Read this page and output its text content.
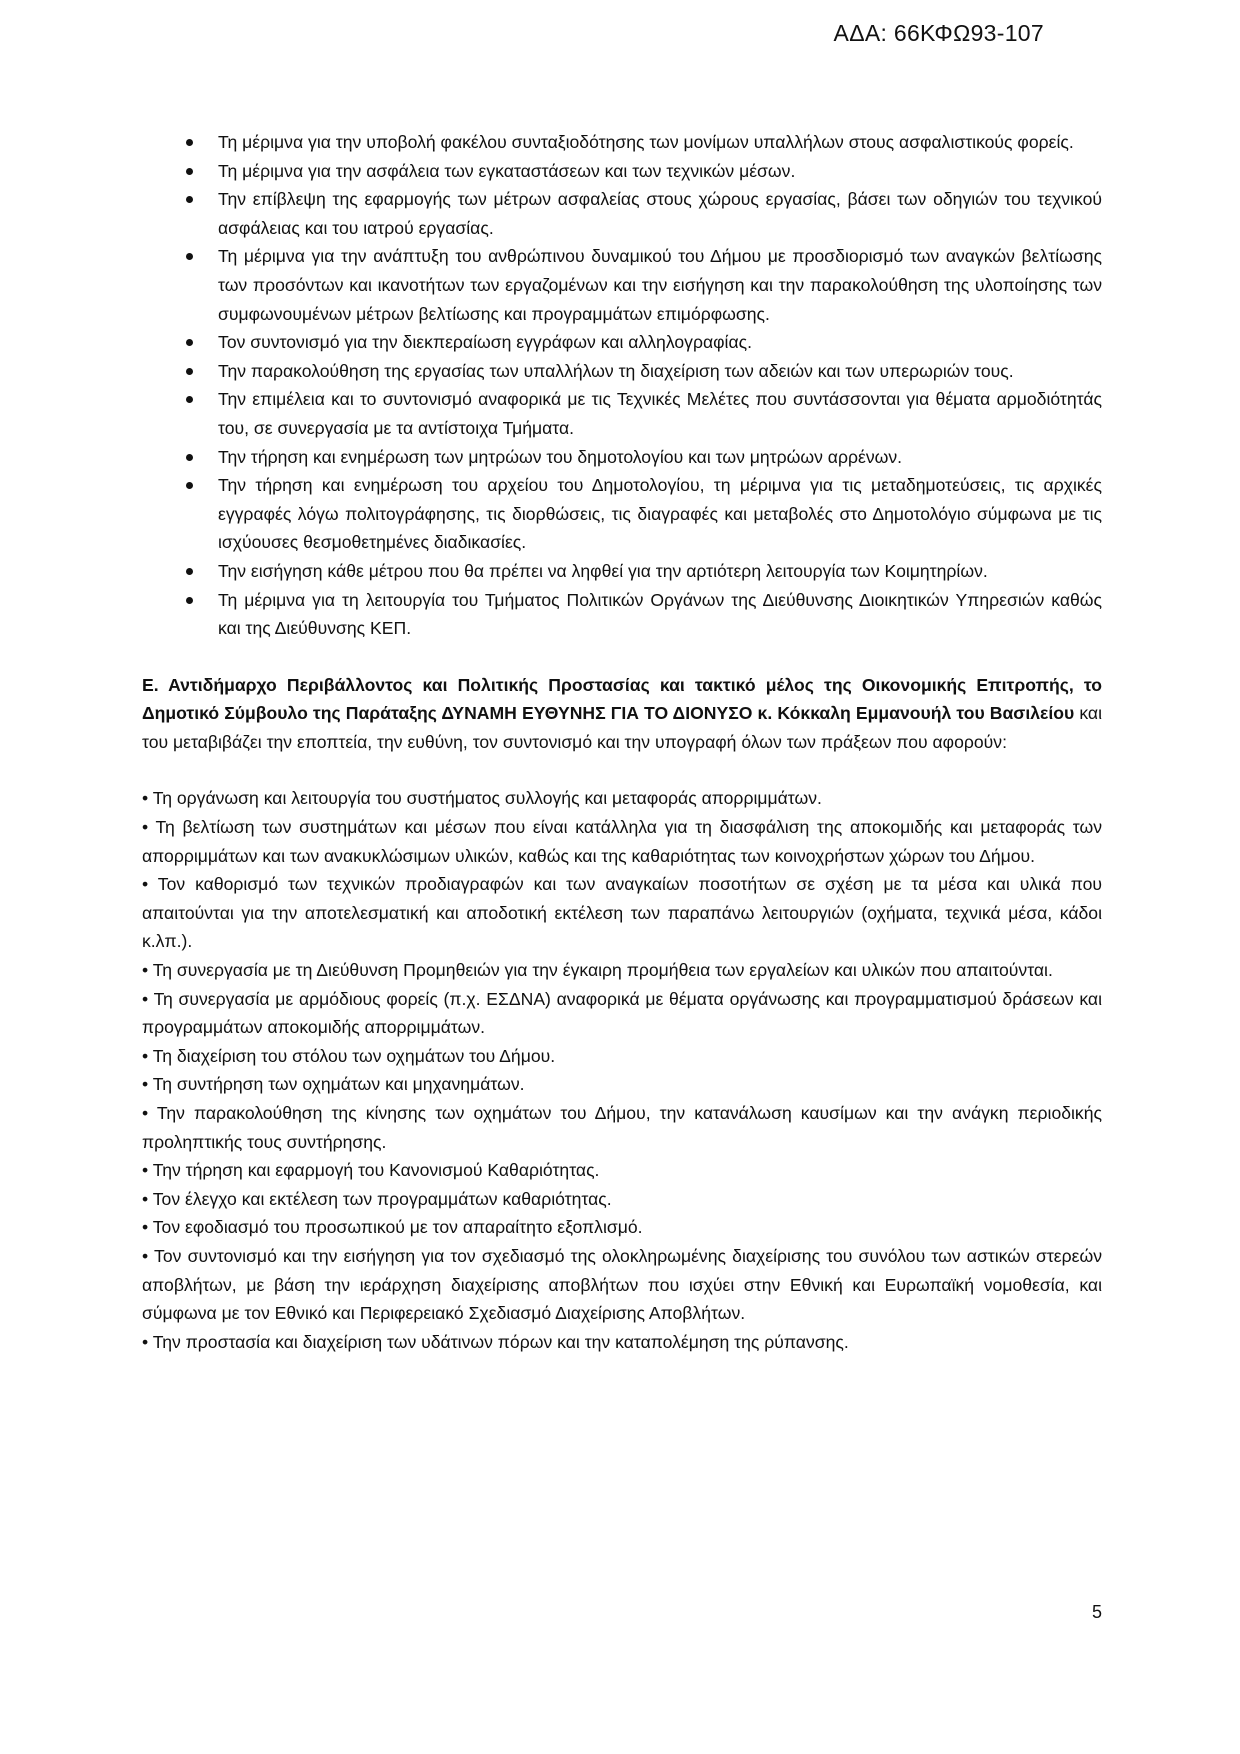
ΑΔΑ: 66ΚΦΩ93-107
Τη μέριμνα για την υποβολή φακέλου συνταξιοδότησης των μονίμων υπαλλήλων στους ασφαλιστικούς φορείς.
Τη μέριμνα για την ασφάλεια των εγκαταστάσεων και των τεχνικών μέσων.
Την επίβλεψη της εφαρμογής των μέτρων ασφαλείας στους χώρους εργασίας, βάσει των οδηγιών του τεχνικού ασφάλειας και του ιατρού εργασίας.
Τη μέριμνα για την ανάπτυξη του ανθρώπινου δυναμικού του Δήμου με προσδιορισμό των αναγκών βελτίωσης των προσόντων και ικανοτήτων των εργαζομένων και την εισήγηση και την παρακολούθηση της υλοποίησης των συμφωνουμένων μέτρων βελτίωσης και προγραμμάτων επιμόρφωσης.
Τον συντονισμό για την διεκπεραίωση εγγράφων και αλληλογραφίας.
Την παρακολούθηση της εργασίας των υπαλλήλων τη διαχείριση των αδειών και των υπερωριών τους.
Την επιμέλεια και το συντονισμό αναφορικά με τις Τεχνικές Μελέτες που συντάσσονται για θέματα αρμοδιότητάς του, σε συνεργασία με τα αντίστοιχα Τμήματα.
Την τήρηση και ενημέρωση των μητρώων του δημοτολογίου και των μητρώων αρρένων.
Την τήρηση και ενημέρωση του αρχείου του Δημοτολογίου, τη μέριμνα για τις μεταδημοτεύσεις, τις αρχικές εγγραφές λόγω πολιτογράφησης, τις διορθώσεις, τις διαγραφές και μεταβολές στο Δημοτολόγιο σύμφωνα με τις ισχύουσες θεσμοθετημένες διαδικασίες.
Την εισήγηση κάθε μέτρου που θα πρέπει να ληφθεί για την αρτιότερη λειτουργία των Κοιμητηρίων.
Τη μέριμνα για τη λειτουργία του Τμήματος Πολιτικών Οργάνων της Διεύθυνσης Διοικητικών Υπηρεσιών καθώς και της Διεύθυνσης ΚΕΠ.

Ε. Αντιδήμαρχο Περιβάλλοντος και Πολιτικής Προστασίας και τακτικό μέλος της Οικονομικής Επιτροπής, το Δημοτικό Σύμβουλο της Παράταξης ΔΥΝΑΜΗ ΕΥΘΥΝΗΣ ΓΙΑ ΤΟ ΔΙΟΝΥΣΟ κ. Κόκκαλη Εμμανουήλ του Βασιλείου και του μεταβιβάζει την εποπτεία, την ευθύνη, τον συντονισμό και την υπογραφή όλων των πράξεων που αφορούν:

• Τη οργάνωση και λειτουργία του συστήματος συλλογής και μεταφοράς απορριμμάτων.
• Τη βελτίωση των συστημάτων και μέσων που είναι κατάλληλα για τη διασφάλιση της αποκομιδής και μεταφοράς των απορριμμάτων και των ανακυκλώσιμων υλικών, καθώς και της καθαριότητας των κοινοχρήστων χώρων του Δήμου.
• Τον καθορισμό των τεχνικών προδιαγραφών και των αναγκαίων ποσοτήτων σε σχέση με τα μέσα και υλικά που απαιτούνται για την αποτελεσματική και αποδοτική εκτέλεση των παραπάνω λειτουργιών (οχήματα, τεχνικά μέσα, κάδοι κ.λπ.).
• Τη συνεργασία με τη Διεύθυνση Προμηθειών για την έγκαιρη προμήθεια των εργαλείων και υλικών που απαιτούνται.
• Τη συνεργασία με αρμόδιους φορείς (π.χ. ΕΣΔΝΑ) αναφορικά με θέματα οργάνωσης και προγραμματισμού δράσεων και προγραμμάτων αποκομιδής απορριμμάτων.
• Τη διαχείριση του στόλου των οχημάτων του Δήμου.
• Τη συντήρηση των οχημάτων και μηχανημάτων.
• Την παρακολούθηση της κίνησης των οχημάτων του Δήμου, την κατανάλωση καυσίμων και την ανάγκη περιοδικής προληπτικής τους συντήρησης.
• Την τήρηση και εφαρμογή του Κανονισμού Καθαριότητας.
• Τον έλεγχο και εκτέλεση των προγραμμάτων καθαριότητας.
• Τον εφοδιασμό του προσωπικού με τον απαραίτητο εξοπλισμό.
• Τον συντονισμό και την εισήγηση για τον σχεδιασμό της ολοκληρωμένης διαχείρισης του συνόλου των αστικών στερεών αποβλήτων, με βάση την ιεράρχηση διαχείρισης αποβλήτων που ισχύει στην Εθνική και Ευρωπαϊκή νομοθεσία, και σύμφωνα με τον Εθνικό και Περιφερειακό Σχεδιασμό Διαχείρισης Αποβλήτων.
• Την προστασία και διαχείριση των υδάτινων πόρων και την καταπολέμηση της ρύπανσης.
5
